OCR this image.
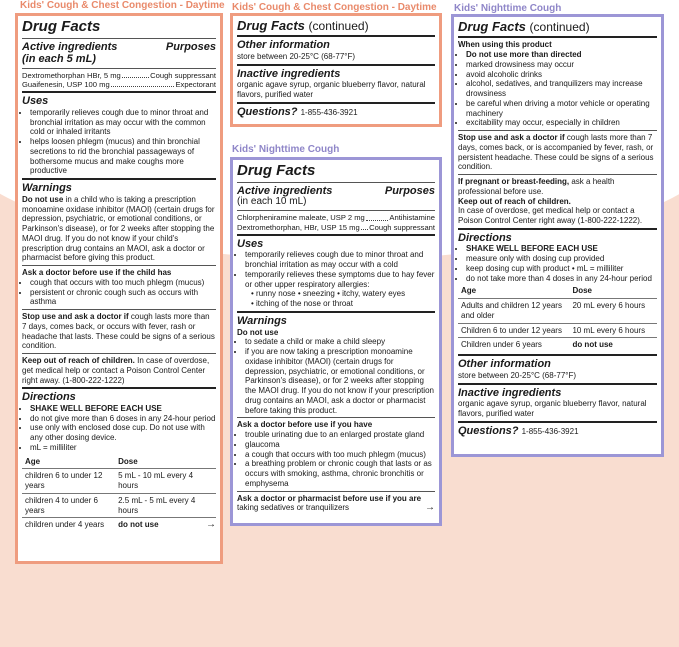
Kids' Cough & Chest Congestion - Daytime Kids' Cough & Chest Congestion - Daytime
Kids' Nighttime Cough
Kids' Nighttime Cough
Drug Facts
Active ingredients	Purposes
(in each 5 mL)
Dextromethorphan HBr, 5 mg	Cough suppressant
Guaifenesin, USP 100 mg	Expectorant
Uses
• temporarily relieves cough due to minor throat and bronchial irritation as may occur with the common cold or inhaled irritants
• helps loosen phlegm (mucus) and thin bronchial secretions to rid the bronchial passageways of bothersome mucus and make coughs more productive
Warnings
Do not use in a child who is taking a prescription monoamine oxidase inhibitor (MAOI) (certain drugs for depression, psychiatric, or emotional conditions, or Parkinson's disease), or for 2 weeks after stopping the MAOI drug. If you do not know if your child's prescription drug contains an MAOI, ask a doctor or pharmacist before giving this product.
Ask a doctor before use if the child has
• cough that occurs with too much phlegm (mucus)
• persistent or chronic cough such as occurs with asthma
Stop use and ask a doctor if cough lasts more than 7 days, comes back, or occurs with fever, rash or headache that lasts. These could be signs of a serious condition.
Keep out of reach of children. In case of overdose, get medical help or contact a Poison Control Center right away. (1-800-222-1222)
Directions
• SHAKE WELL BEFORE EACH USE
• do not give more than 6 doses in any 24-hour period
• use only with enclosed dose cup. Do not use with any other dosing device.
• mL = milliliter
Age	Dose
children 6 to under 12 years	5 mL - 10 mL every 4 hours
children 4 to under 6 years	2.5 mL - 5 mL every 4 hours
children under 4 years	do not use	→
Drug Facts (continued)
Other information
store between 20-25°C (68-77°F)
Inactive ingredients
organic agave syrup, organic blueberry flavor, natural flavors, purified water
Questions? 1-855-436-3921
Drug Facts
Active ingredients	Purposes
(in each 10 mL)
Chlorpheniramine maleate, USP 2 mg	Antihistamine
Dextromethorphan, HBr, USP 15 mg Cough suppressant
Uses
• temporarily relieves cough due to minor throat and bronchial irritation as may occur with a cold
• temporarily relieves these symptoms due to hay fever or other upper respiratory allergies:
• runny nose • sneezing • itchy, watery eyes
• itching of the nose or throat
Warnings
Do not use
• to sedate a child or make a child sleepy
• if you are now taking a prescription monoamine oxidase inhibitor (MAOI) (certain drugs for depression, psychiatric, or emotional conditions, or Parkinson's disease), or for 2 weeks after stopping the MAOI drug. If you do not know if your prescription drug contains an MAOI, ask a doctor or pharmacist before taking this product.
Ask a doctor before use if you have
• trouble urinating due to an enlarged prostate gland
• glaucoma
• a cough that occurs with too much phlegm (mucus)
• a breathing problem or chronic cough that lasts or as occurs with smoking, asthma, chronic bronchitis or emphysema
Ask a doctor or pharmacist before use if you are taking sedatives or tranquilizers	→
Drug Facts (continued)
When using this product
• Do not use more than directed
• marked drowsiness may occur
• avoid alcoholic drinks
• alcohol, sedatives, and tranquilizers may increase drowsiness
• be careful when driving a motor vehicle or operating machinery
• excitability may occur, especially in children
Stop use and ask a doctor if cough lasts more than 7 days, comes back, or is accompanied by fever, rash, or persistent headache. These could be signs of a serious condition.
If pregnant or breast-feeding, ask a health professional before use.
Keep out of reach of children.
In case of overdose, get medical help or contact a Poison Control Center right away (1-800-222-1222).
Directions
• SHAKE WELL BEFORE EACH USE
• measure only with dosing cup provided
• keep dosing cup with product • mL = milliliter
• do not take more than 4 doses in any 24-hour period
Age	Dose
Adults and children 12 years and older	20 mL every 6 hours
Children 6 to under 12 years	10 mL every 6 hours
Children under 6 years	do not use
Other information
store between 20-25°C (68-77°F)
Inactive ingredients
organic agave syrup, organic blueberry flavor, natural flavors, purified water
Questions? 1-855-436-3921
